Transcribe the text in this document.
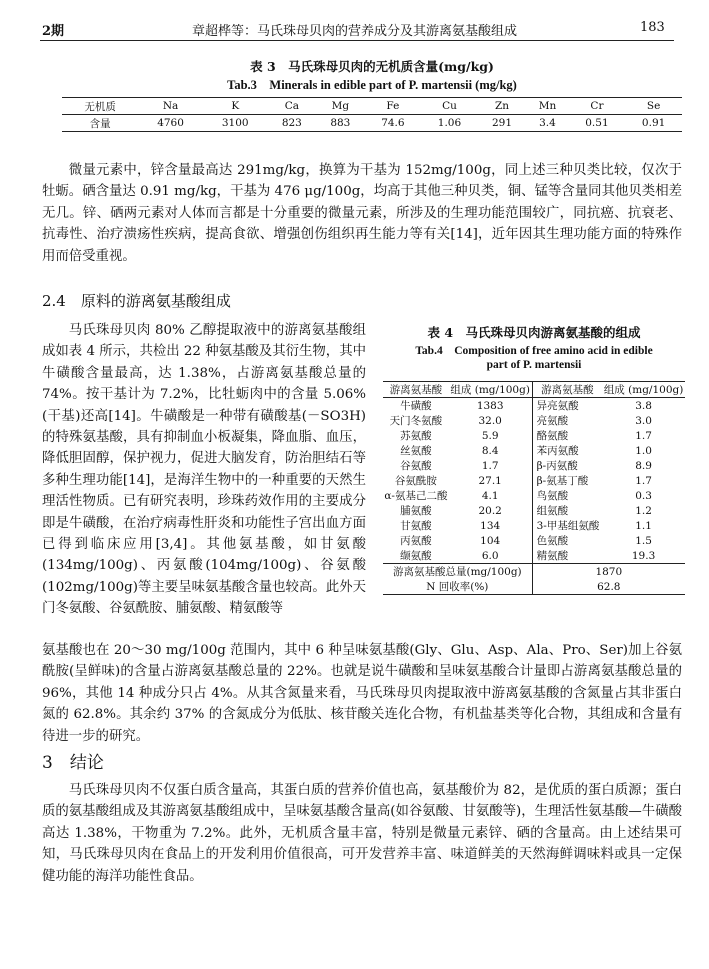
2期	章超桦等：马氏珠母贝肉的营养成分及其游离氨基酸组成	183
表 3　马氏珠母贝肉的无机质含量(mg/kg)
Tab.3　Minerals in edible part of P. martensii (mg/kg)
无机质	Na	K	Ca	Mg	Fe	Cu	Zn	Mn	Cr	Se
含量	4760	3100	823	883	74.6	1.06	291	3.4	0.51	0.91
微量元素中，锌含量最高达 291mg/kg，换算为干基为 152mg/100g，同上述三种贝类比较，仅次于牡蛎。硒含量达 0.91 mg/kg，干基为 476 μg/100g，均高于其他三种贝类，铜、锰等含量同其他贝类相差无几。锌、硒两元素对人体而言都是十分重要的微量元素，所涉及的生理功能范围较广，同抗癌、抗衰老、抗毒性、治疗溃疡性疾病，提高食欲、增强创伤组织再生能力等有关[14]，近年因其生理功能方面的特殊作用而倍受重视。
2.4　原料的游离氨基酸组成
马氏珠母贝肉 80% 乙醇提取液中的游离氨基酸组成如表 4 所示，共检出 22 种氨基酸及其衍生物，其中牛磺酸含量最高，达 1.38%，占游离氨基酸总量的 74%。按干基计为 7.2%，比牡蛎肉中的含量 5.06%(干基)还高[14]。牛磺酸是一种带有磺酸基(－SO3H)的特殊氨基酸，具有抑制血小板凝集，降血脂、血压，降低胆固醇，保护视力，促进大脑发育，防治胆结石等多种生理功能[14]，是海洋生物中的一种重要的天然生理活性物质。已有研究表明，珍珠药效作用的主要成分即是牛磺酸，在治疗病毒性肝炎和功能性子宫出血方面已得到临床应用[3,4]。其他氨基酸，如甘氨酸(134mg/100g)、丙氨酸(104mg/100g)、谷氨酸(102mg/100g)等主要呈味氨基酸含量也较高。此外天门冬氨酸、谷氨酰胺、脯氨酸、精氨酸等
表 4　马氏珠母贝肉游离氨基酸的组成
Tab.4　Composition of free amino acid in edible
part of P. martensii
游离氨基酸	组成 (mg/100g)	游离氨基酸	组成 (mg/100g)
牛磺酸	1383	异亮氨酸	3.8
天门冬氨酸	32.0	亮氨酸	3.0
苏氨酸	5.9	酪氨酸	1.7
丝氨酸	8.4	苯丙氨酸	1.0
谷氨酸	1.7	β-丙氨酸	8.9
谷氨酰胺	27.1	β-氨基丁酸	1.7
α-氨基己二酸	4.1	鸟氨酸	0.3
脯氨酸	20.2	组氨酸	1.2
甘氨酸	134	3-甲基组氨酸	1.1
丙氨酸	104	色氨酸	1.5
缬氨酸	6.0	精氨酸	19.3
游离氨基酸总量(mg/100g)		1870	
N 回收率(%)		62.8	
氨基酸也在 20～30 mg/100g 范围内，其中 6 种呈味氨基酸(Gly、Glu、Asp、Ala、Pro、Ser)加上谷氨酰胺(呈鲜味)的含量占游离氨基酸总量的 22%。也就是说牛磺酸和呈味氨基酸合计量即占游离氨基酸总量的 96%，其他 14 种成分只占 4%。从其含氮量来看，马氏珠母贝肉提取液中游离氨基酸的含氮量占其非蛋白氮的 62.8%。其余约 37% 的含氮成分为低肽、核苷酸关连化合物，有机盐基类等化合物，其组成和含量有待进一步的研究。
3　结论
马氏珠母贝肉不仅蛋白质含量高，其蛋白质的营养价值也高，氨基酸价为 82，是优质的蛋白质源；蛋白质的氨基酸组成及其游离氨基酸组成中，呈味氨基酸含量高(如谷氨酸、甘氨酸等)，生理活性氨基酸—牛磺酸高达 1.38%，干物重为 7.2%。此外，无机质含量丰富，特别是微量元素锌、硒的含量高。由上述结果可知，马氏珠母贝肉在食品上的开发利用价值很高，可开发营养丰富、味道鲜美的天然海鲜调味料或具一定保健功能的海洋功能性食品。
